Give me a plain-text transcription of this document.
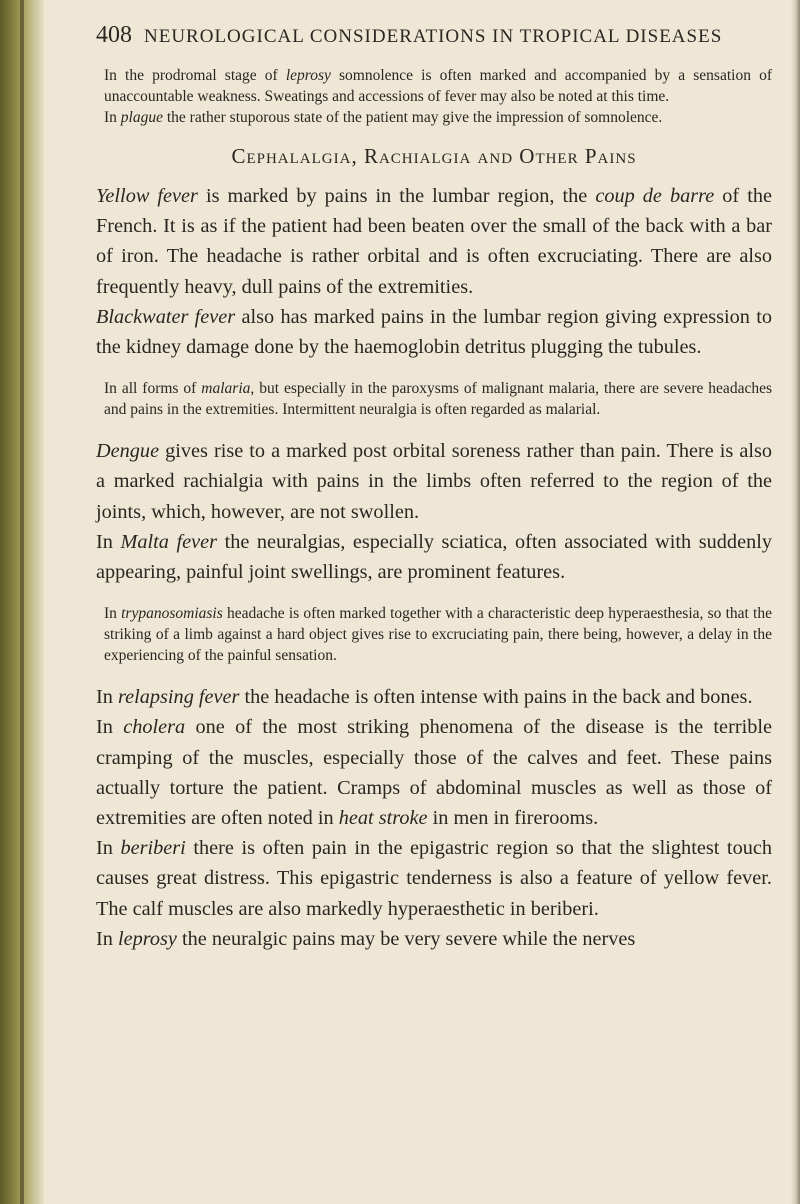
408 NEUROLOGICAL CONSIDERATIONS IN TROPICAL DISEASES

In the prodromal stage of leprosy somnolence is often marked and accompanied by a sensation of unaccountable weakness. Sweatings and accessions of fever may also be noted at this time.

In plague the rather stuporous state of the patient may give the impression of somnolence.

Cephalalgia, Rachialgia and Other Pains

Yellow fever is marked by pains in the lumbar region, the coup de barre of the French. It is as if the patient had been beaten over the small of the back with a bar of iron. The headache is rather orbital and is often excruciating. There are also frequently heavy, dull pains of the extremities.

Blackwater fever also has marked pains in the lumbar region giving expression to the kidney damage done by the haemoglobin detritus plugging the tubules.

In all forms of malaria, but especially in the paroxysms of malignant malaria, there are severe headaches and pains in the extremities. Intermittent neuralgia is often regarded as malarial.

Dengue gives rise to a marked post orbital soreness rather than pain. There is also a marked rachialgia with pains in the limbs often referred to the region of the joints, which, however, are not swollen.

In Malta fever the neuralgias, especially sciatica, often associated with suddenly appearing, painful joint swellings, are prominent features.

In trypanosomiasis headache is often marked together with a characteristic deep hyperaesthesia, so that the striking of a limb against a hard object gives rise to excruciating pain, there being, however, a delay in the experiencing of the painful sensation.

In relapsing fever the headache is often intense with pains in the back and bones.

In cholera one of the most striking phenomena of the disease is the terrible cramping of the muscles, especially those of the calves and feet. These pains actually torture the patient. Cramps of abdominal muscles as well as those of extremities are often noted in heat stroke in men in firerooms.

In beriberi there is often pain in the epigastric region so that the slightest touch causes great distress. This epigastric tenderness is also a feature of yellow fever. The calf muscles are also markedly hyperaesthetic in beriberi.

In leprosy the neuralgic pains may be very severe while the nerves
